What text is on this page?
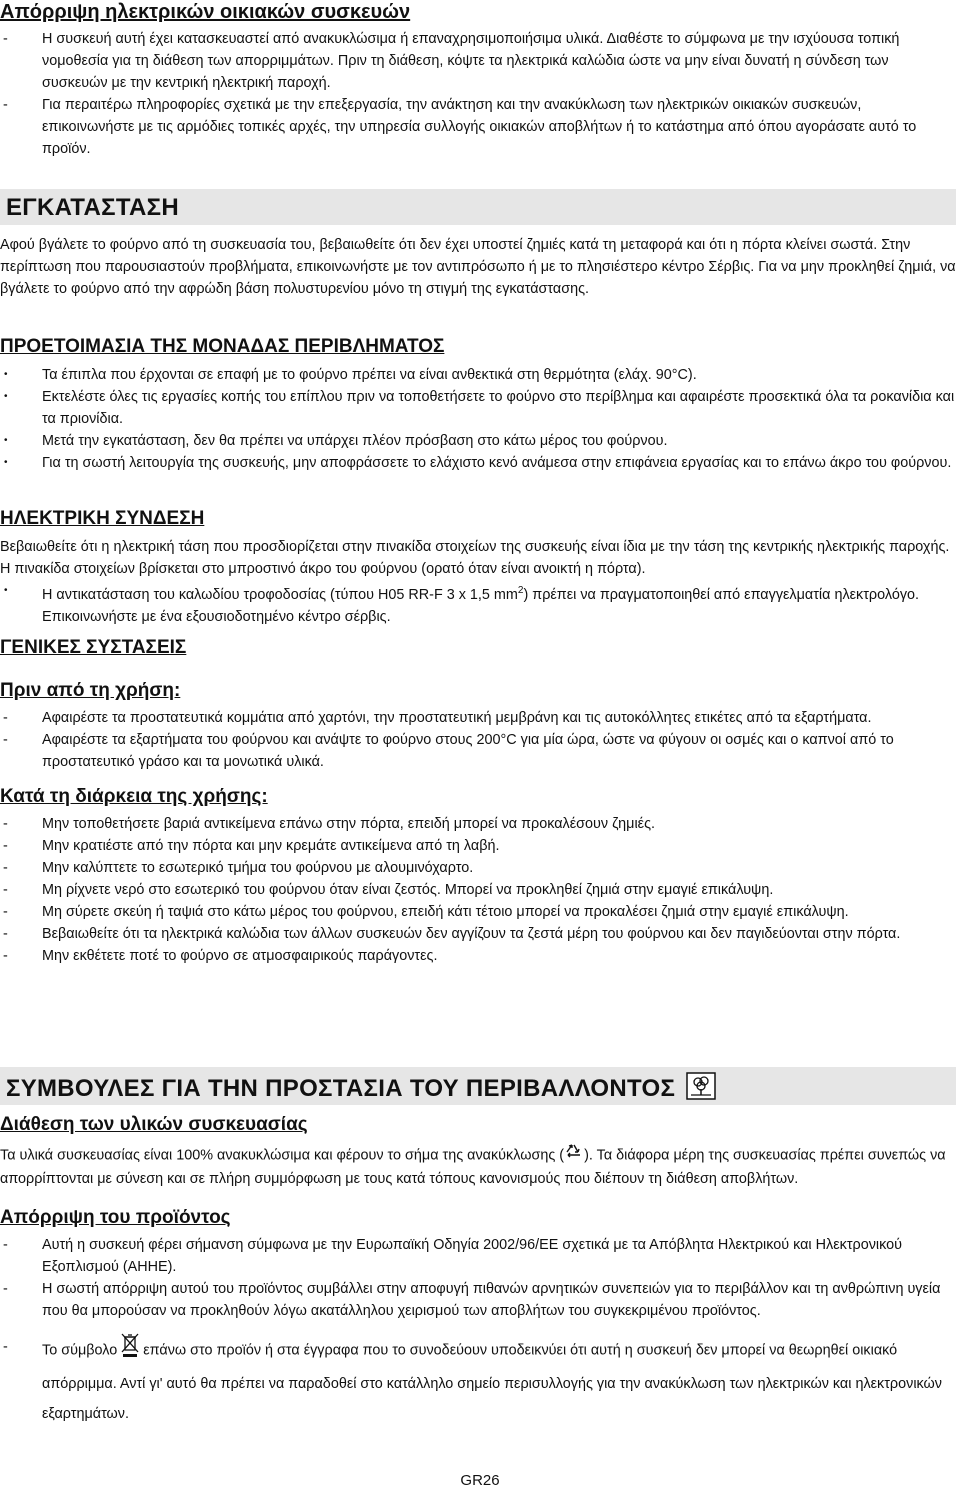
Απόρριψη ηλεκτρικών οικιακών συσκευών
- Η συσκευή αυτή έχει κατασκευαστεί από ανακυκλώσιμα ή επαναχρησιμοποιήσιμα υλικά. Διαθέστε το σύμφωνα με την ισχύουσα τοπική νομοθεσία για τη διάθεση των απορριμμάτων. Πριν τη διάθεση, κόψτε τα ηλεκτρικά καλώδια ώστε να μην είναι δυνατή η σύνδεση των συσκευών με την κεντρική ηλεκτρική παροχή.
- Για περαιτέρω πληροφορίες σχετικά με την επεξεργασία, την ανάκτηση και την ανακύκλωση των ηλεκτρικών οικιακών συσκευών, επικοινωνήστε με τις αρμόδιες τοπικές αρχές, την υπηρεσία συλλογής οικιακών αποβλήτων ή το κατάστημα από όπου αγοράσατε αυτό το προϊόν.
ΕΓΚΑΤΑΣΤΑΣΗ

Αφού βγάλετε το φούρνο από τη συσκευασία του, βεβαιωθείτε ότι δεν έχει υποστεί ζημιές κατά τη μεταφορά και ότι η πόρτα κλείνει σωστά. Στην περίπτωση που παρουσιαστούν προβλήματα, επικοινωνήστε με τον αντιπρόσωπο ή με το πλησιέστερο κέντρο Σέρβις. Για να μην προκληθεί ζημιά, να βγάλετε το φούρνο από την αφρώδη βάση πολυστυρενίου μόνο τη στιγμή της εγκατάστασης.

ΠΡΟΕΤΟΙΜΑΣΙΑ ΤΗΣ ΜΟΝΑΔΑΣ ΠΕΡΙΒΛΗΜΑΤΟΣ
• Τα έπιπλα που έρχονται σε επαφή με το φούρνο πρέπει να είναι ανθεκτικά στη θερμότητα (ελάχ. 90°C).
• Εκτελέστε όλες τις εργασίες κοπής του επίπλου πριν να τοποθετήσετε το φούρνο στο περίβλημα και αφαιρέστε προσεκτικά όλα τα ροκανίδια και τα πριονίδια.
• Μετά την εγκατάσταση, δεν θα πρέπει να υπάρχει πλέον πρόσβαση στο κάτω μέρος του φούρνου.
• Για τη σωστή λειτουργία της συσκευής, μην αποφράσσετε το ελάχιστο κενό ανάμεσα στην επιφάνεια εργασίας και το επάνω άκρο του φούρνου.
ΗΛΕΚΤΡΙΚΗ ΣΥΝΔΕΣΗ

Βεβαιωθείτε ότι η ηλεκτρική τάση που προσδιορίζεται στην πινακίδα στοιχείων της συσκευής είναι ίδια με την τάση της κεντρικής ηλεκτρικής παροχής. Η πινακίδα στοιχείων βρίσκεται στο μπροστινό άκρο του φούρνου (ορατό όταν είναι ανοικτή η πόρτα).

• Η αντικατάσταση του καλωδίου τροφοδοσίας (τύπου H05 RR-F 3 x 1,5 $mm^2$) πρέπει να πραγματοποιηθεί από επαγγελματία ηλεκτρολόγο. Επικοινωνήστε με ένα εξουσιοδοτημένο κέντρο σέρβις.
ΓΕΝΙΚΕΣ ΣΥΣΤΑΣΕΙΣ
Πριν από τη χρήση:
- Αφαιρέστε τα προστατευτικά κομμάτια από χαρτόνι, την προστατευτική μεμβράνη και τις αυτοκόλλητες ετικέτες από τα εξαρτήματα.
- Αφαιρέστε τα εξαρτήματα του φούρνου και ανάψτε το φούρνο στους 200°C για μία ώρα, ώστε να φύγουν οι οσμές και ο καπνοί από το προστατευτικό γράσο και τα μονωτικά υλικά.
Κατά τη διάρκεια της χρήσης:
- Μην τοποθετήσετε βαριά αντικείμενα επάνω στην πόρτα, επειδή μπορεί να προκαλέσουν ζημιές.
- Μην κρατιέστε από την πόρτα και μην κρεμάτε αντικείμενα από τη λαβή.
- Μην καλύπτετε το εσωτερικό τμήμα του φούρνου με αλουμινόχαρτο.
- Μη ρίχνετε νερό στο εσωτερικό του φούρνου όταν είναι ζεστός. Μπορεί να προκληθεί ζημιά στην εμαγιέ επικάλυψη.
- Μη σύρετε σκεύη ή ταψιά στο κάτω μέρος του φούρνου, επειδή κάτι τέτοιο μπορεί να προκαλέσει ζημιά στην εμαγιέ επικάλυψη.
- Βεβαιωθείτε ότι τα ηλεκτρικά καλώδια των άλλων συσκευών δεν αγγίζουν τα ζεστά μέρη του φούρνου και δεν παγιδεύονται στην πόρτα.
- Μην εκθέτετε ποτέ το φούρνο σε ατμοσφαιρικούς παράγοντες.
ΣΥΜΒΟΥΛΕΣ ΓΙΑ ΤΗΝ ΠΡΟΣΤΑΣΙΑ ΤΟΥ ΠΕΡΙΒΑΛΛΟΝΤΟΣ
Διάθεση των υλικών συσκευασίας

Τα υλικά συσκευασίας είναι 100% ανακυκλώσιμα και φέρουν το σήμα της ανακύκλωσης ( ). Τα διάφορα μέρη της συσκευασίας πρέπει συνεπώς να απορρίπτονται με σύνεση και σε πλήρη συμμόρφωση με τους κατά τόπους κανονισμούς που διέπουν τη διάθεση αποβλήτων.

Απόρριψη του προϊόντος
- Αυτή η συσκευή φέρει σήμανση σύμφωνα με την Ευρωπαϊκή Οδηγία 2002/96/ΕΕ σχετικά με τα Απόβλητα Ηλεκτρικού και Ηλεκτρονικού Εξοπλισμού (ΑΗΗΕ).
- Η σωστή απόρριψη αυτού του προϊόντος συμβάλλει στην αποφυγή πιθανών αρνητικών συνεπειών για το περιβάλλον και τη ανθρώπινη υγεία που θα μπορούσαν να προκληθούν λόγω ακατάλληλου χειρισμού των αποβλήτων του συγκεκριμένου προϊόντος.
- Το σύμβολο επάνω στο προϊόν ή στα έγγραφα που το συνοδεύουν υποδεικνύει ότι αυτή η συσκευή δεν μπορεί να θεωρηθεί οικιακό απόρριμμα. Αντί γι' αυτό θα πρέπει να παραδοθεί στο κατάλληλο σημείο περισυλλογής για την ανακύκλωση των ηλεκτρικών και ηλεκτρονικών εξαρτημάτων.
GR26
